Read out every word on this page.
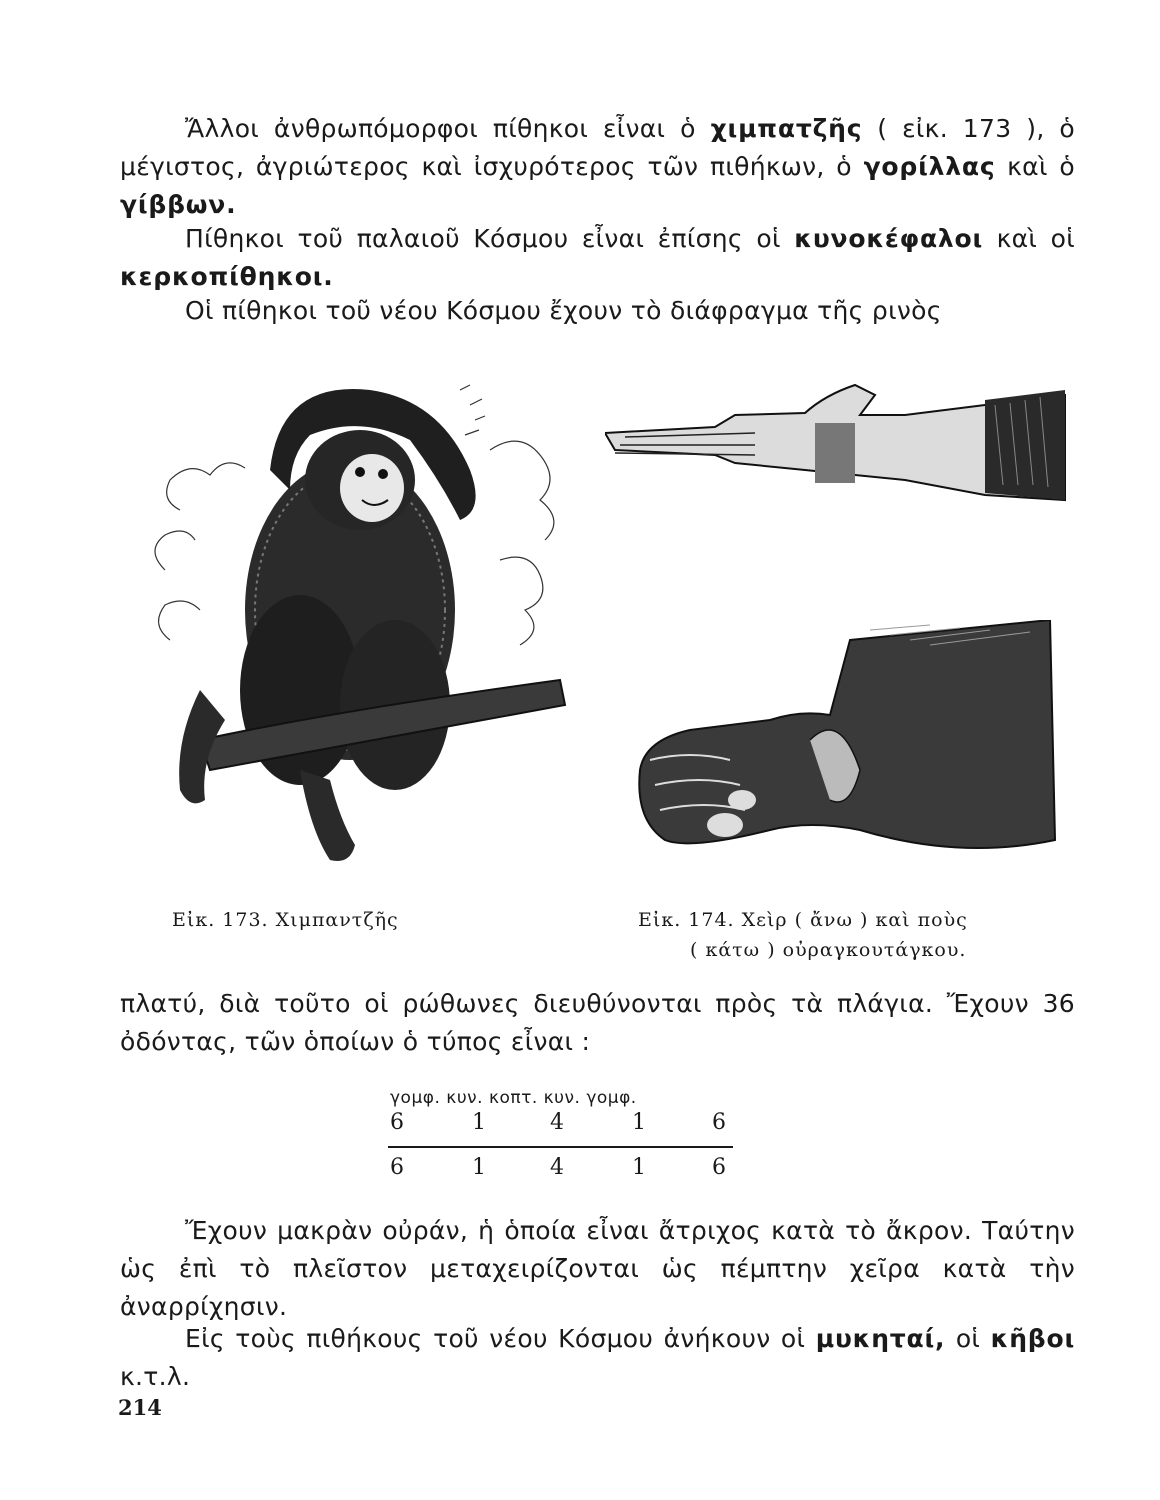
Ἄλλοι ἀνθρωπόμορφοι πίθηκοι εἶναι ὁ χιμπατζῆς ( εἰκ. 173 ), ὁ μέγιστος, ἀγριώτερος καὶ ἰσχυρότερος τῶν πιθήκων, ὁ γορίλλας καὶ ὁ γίββων.
Πίθηκοι τοῦ παλαιοῦ Κόσμου εἶναι ἐπίσης οἱ κυνοκέφαλοι καὶ οἱ κερκοπίθηκοι.
Οἱ πίθηκοι τοῦ νέου Κόσμου ἔχουν τὸ διάφραγμα τῆς ρινὸς
Εἰκ. 173. Χιμπαντζῆς	Εἰκ. 174. Χεὶρ ( ἄνω ) καὶ ποὺς
( κάτω ) οὐραγκουτάγκου.
πλατύ, διὰ τοῦτο οἱ ρώθωνες διευθύνονται πρὸς τὰ πλάγια. Ἔχουν 36 ὀδόντας, τῶν ὁποίων ὁ τύπος εἶναι :
γομφ. κυν. κοπτ. κυν. γομφ.
6	1	4	1	6
6	1	4	1	6
Ἔχουν μακρὰν οὐράν, ἡ ὁποία εἶναι ἄτριχος κατὰ τὸ ἄκρον. Ταύτην ὡς ἐπὶ τὸ πλεῖστον μεταχειρίζονται ὡς πέμπτην χεῖρα κατὰ τὴν ἀναρρίχησιν.
Εἰς τοὺς πιθήκους τοῦ νέου Κόσμου ἀνήκουν οἱ μυκηταί, οἱ κῆβοι κ.τ.λ.
214
